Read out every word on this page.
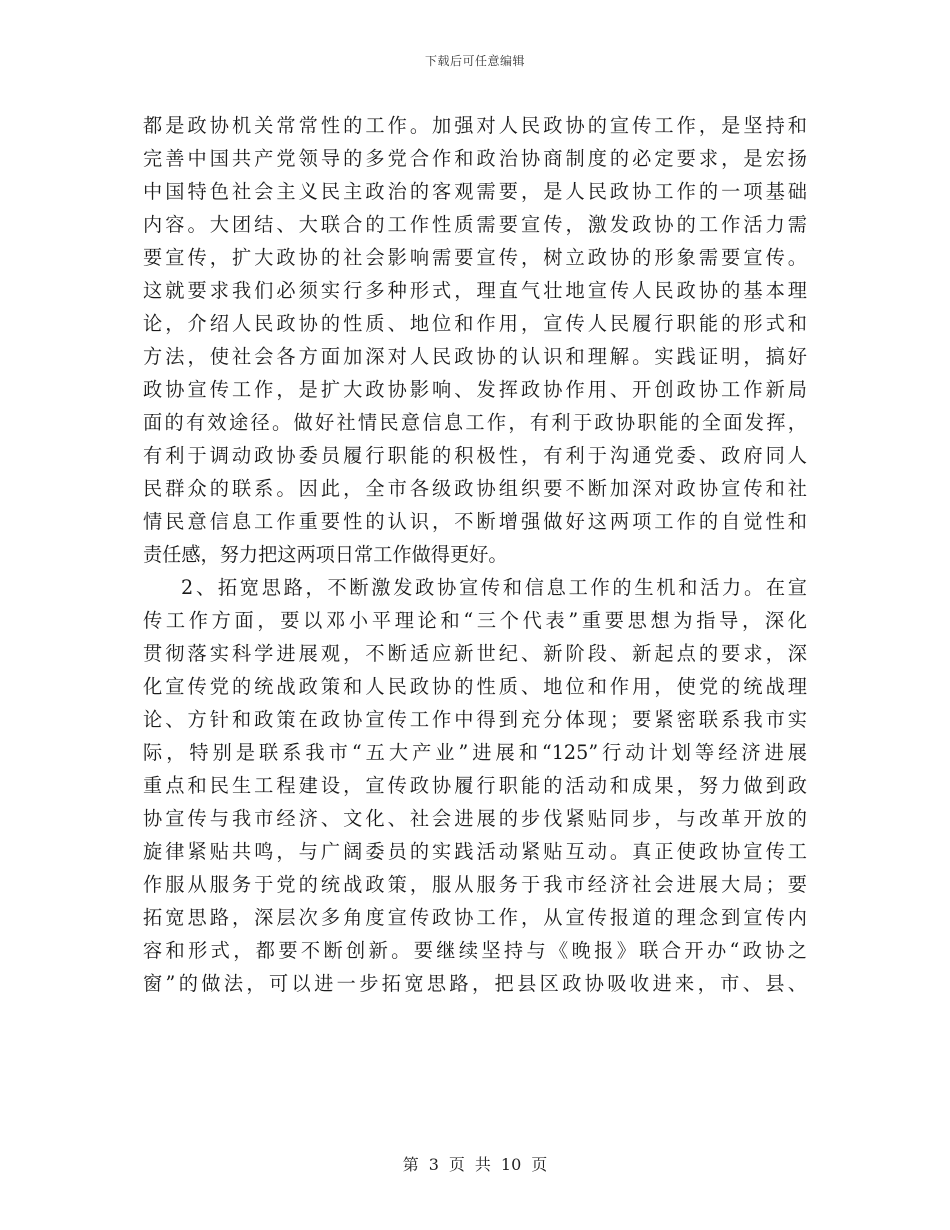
下载后可任意编辑
都是政协机关常常性的工作。加强对人民政协的宣传工作，是坚持和
完善中国共产党领导的多党合作和政治协商制度的必定要求，是宏扬
中国特色社会主义民主政治的客观需要，是人民政协工作的一项基础
内容。大团结、大联合的工作性质需要宣传，激发政协的工作活力需
要宣传，扩大政协的社会影响需要宣传，树立政协的形象需要宣传。
这就要求我们必须实行多种形式，理直气壮地宣传人民政协的基本理
论，介绍人民政协的性质、地位和作用，宣传人民履行职能的形式和
方法，使社会各方面加深对人民政协的认识和理解。实践证明，搞好
政协宣传工作，是扩大政协影响、发挥政协作用、开创政协工作新局
面的有效途径。做好社情民意信息工作，有利于政协职能的全面发挥，
有利于调动政协委员履行职能的积极性，有利于沟通党委、政府同人
民群众的联系。因此，全市各级政协组织要不断加深对政协宣传和社
情民意信息工作重要性的认识，不断增强做好这两项工作的自觉性和
责任感，努力把这两项日常工作做得更好。
2、拓宽思路，不断激发政协宣传和信息工作的生机和活力。在宣
传工作方面，要以邓小平理论和“三个代表”重要思想为指导，深化
贯彻落实科学进展观，不断适应新世纪、新阶段、新起点的要求，深
化宣传党的统战政策和人民政协的性质、地位和作用，使党的统战理
论、方针和政策在政协宣传工作中得到充分体现；要紧密联系我市实
际，特别是联系我市“五大产业”进展和“125”行动计划等经济进展
重点和民生工程建设，宣传政协履行职能的活动和成果，努力做到政
协宣传与我市经济、文化、社会进展的步伐紧贴同步，与改革开放的
旋律紧贴共鸣，与广阔委员的实践活动紧贴互动。真正使政协宣传工
作服从服务于党的统战政策，服从服务于我市经济社会进展大局；要
拓宽思路，深层次多角度宣传政协工作，从宣传报道的理念到宣传内
容和形式，都要不断创新。要继续坚持与《晚报》联合开办“政协之
窗”的做法，可以进一步拓宽思路，把县区政协吸收进来，市、县、
第 3 页 共 10 页
